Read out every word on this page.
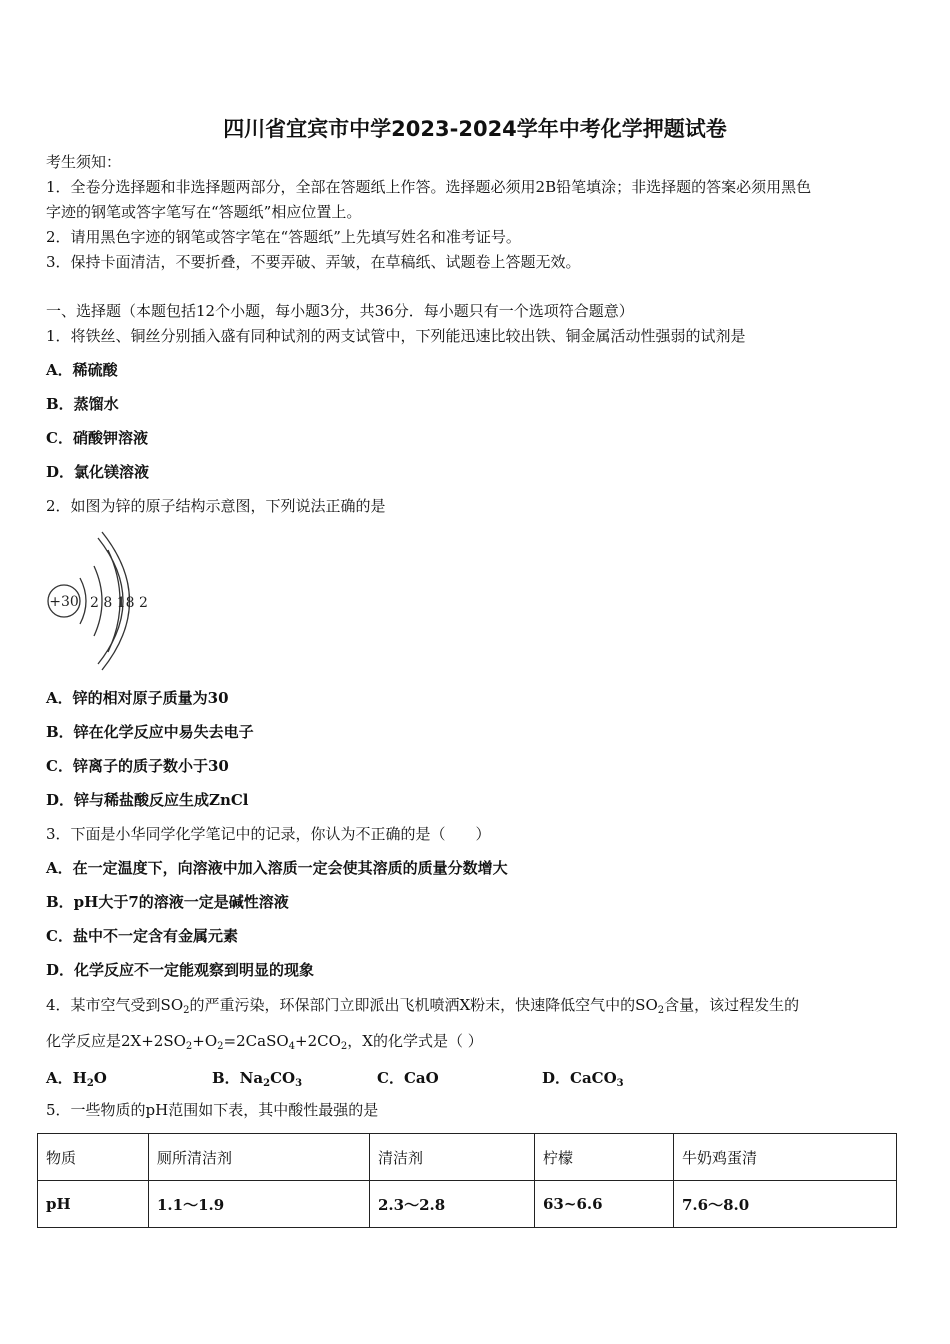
四川省宜宾市中学2023-2024学年中考化学押题试卷
考生须知：
1．全卷分选择题和非选择题两部分，全部在答题纸上作答。选择题必须用2B铅笔填涂；非选择题的答案必须用黑色
字迹的钢笔或答字笔写在“答题纸”相应位置上。
2．请用黑色字迹的钢笔或答字笔在“答题纸”上先填写姓名和准考证号。
3．保持卡面清洁，不要折叠，不要弄破、弄皱，在草稿纸、试题卷上答题无效。
一、选择题（本题包括12个小题，每小题3分，共36分．每小题只有一个选项符合题意）
1．将铁丝、铜丝分别插入盛有同种试剂的两支试管中，下列能迅速比较出铁、铜金属活动性强弱的试剂是
A．稀硫酸
B．蒸馏水
C．硝酸钾溶液
D．氯化镁溶液
2．如图为锌的原子结构示意图，下列说法正确的是
+30 2 8 18 2
A．锌的相对原子质量为30
B．锌在化学反应中易失去电子
C．锌离子的质子数小于30
D．锌与稀盐酸反应生成ZnCl
3．下面是小华同学化学笔记中的记录，你认为不正确的是（　　）
A．在一定温度下，向溶液中加入溶质一定会使其溶质的质量分数增大
B．pH大于7的溶液一定是碱性溶液
C．盐中不一定含有金属元素
D．化学反应不一定能观察到明显的现象
4．某市空气受到$SO_2$的严重污染，环保部门立即派出飞机喷洒X粉末，快速降低空气中的$SO_2$含量，该过程发生的
化学反应是$2X+2SO_2+O_2=2CaSO_4+2CO_2$，X的化学式是（ ）
A．$H_2O$	B．$Na_2CO_3$	C．CaO	D．CaCO$_3$
5．一些物质的pH范围如下表，其中酸性最强的是
物质	厕所清洁剂	清洁剂	柠檬	牛奶鸡蛋清
pH	1.1～1.9	2.3～2.8	63~6.6	7.6～8.0
